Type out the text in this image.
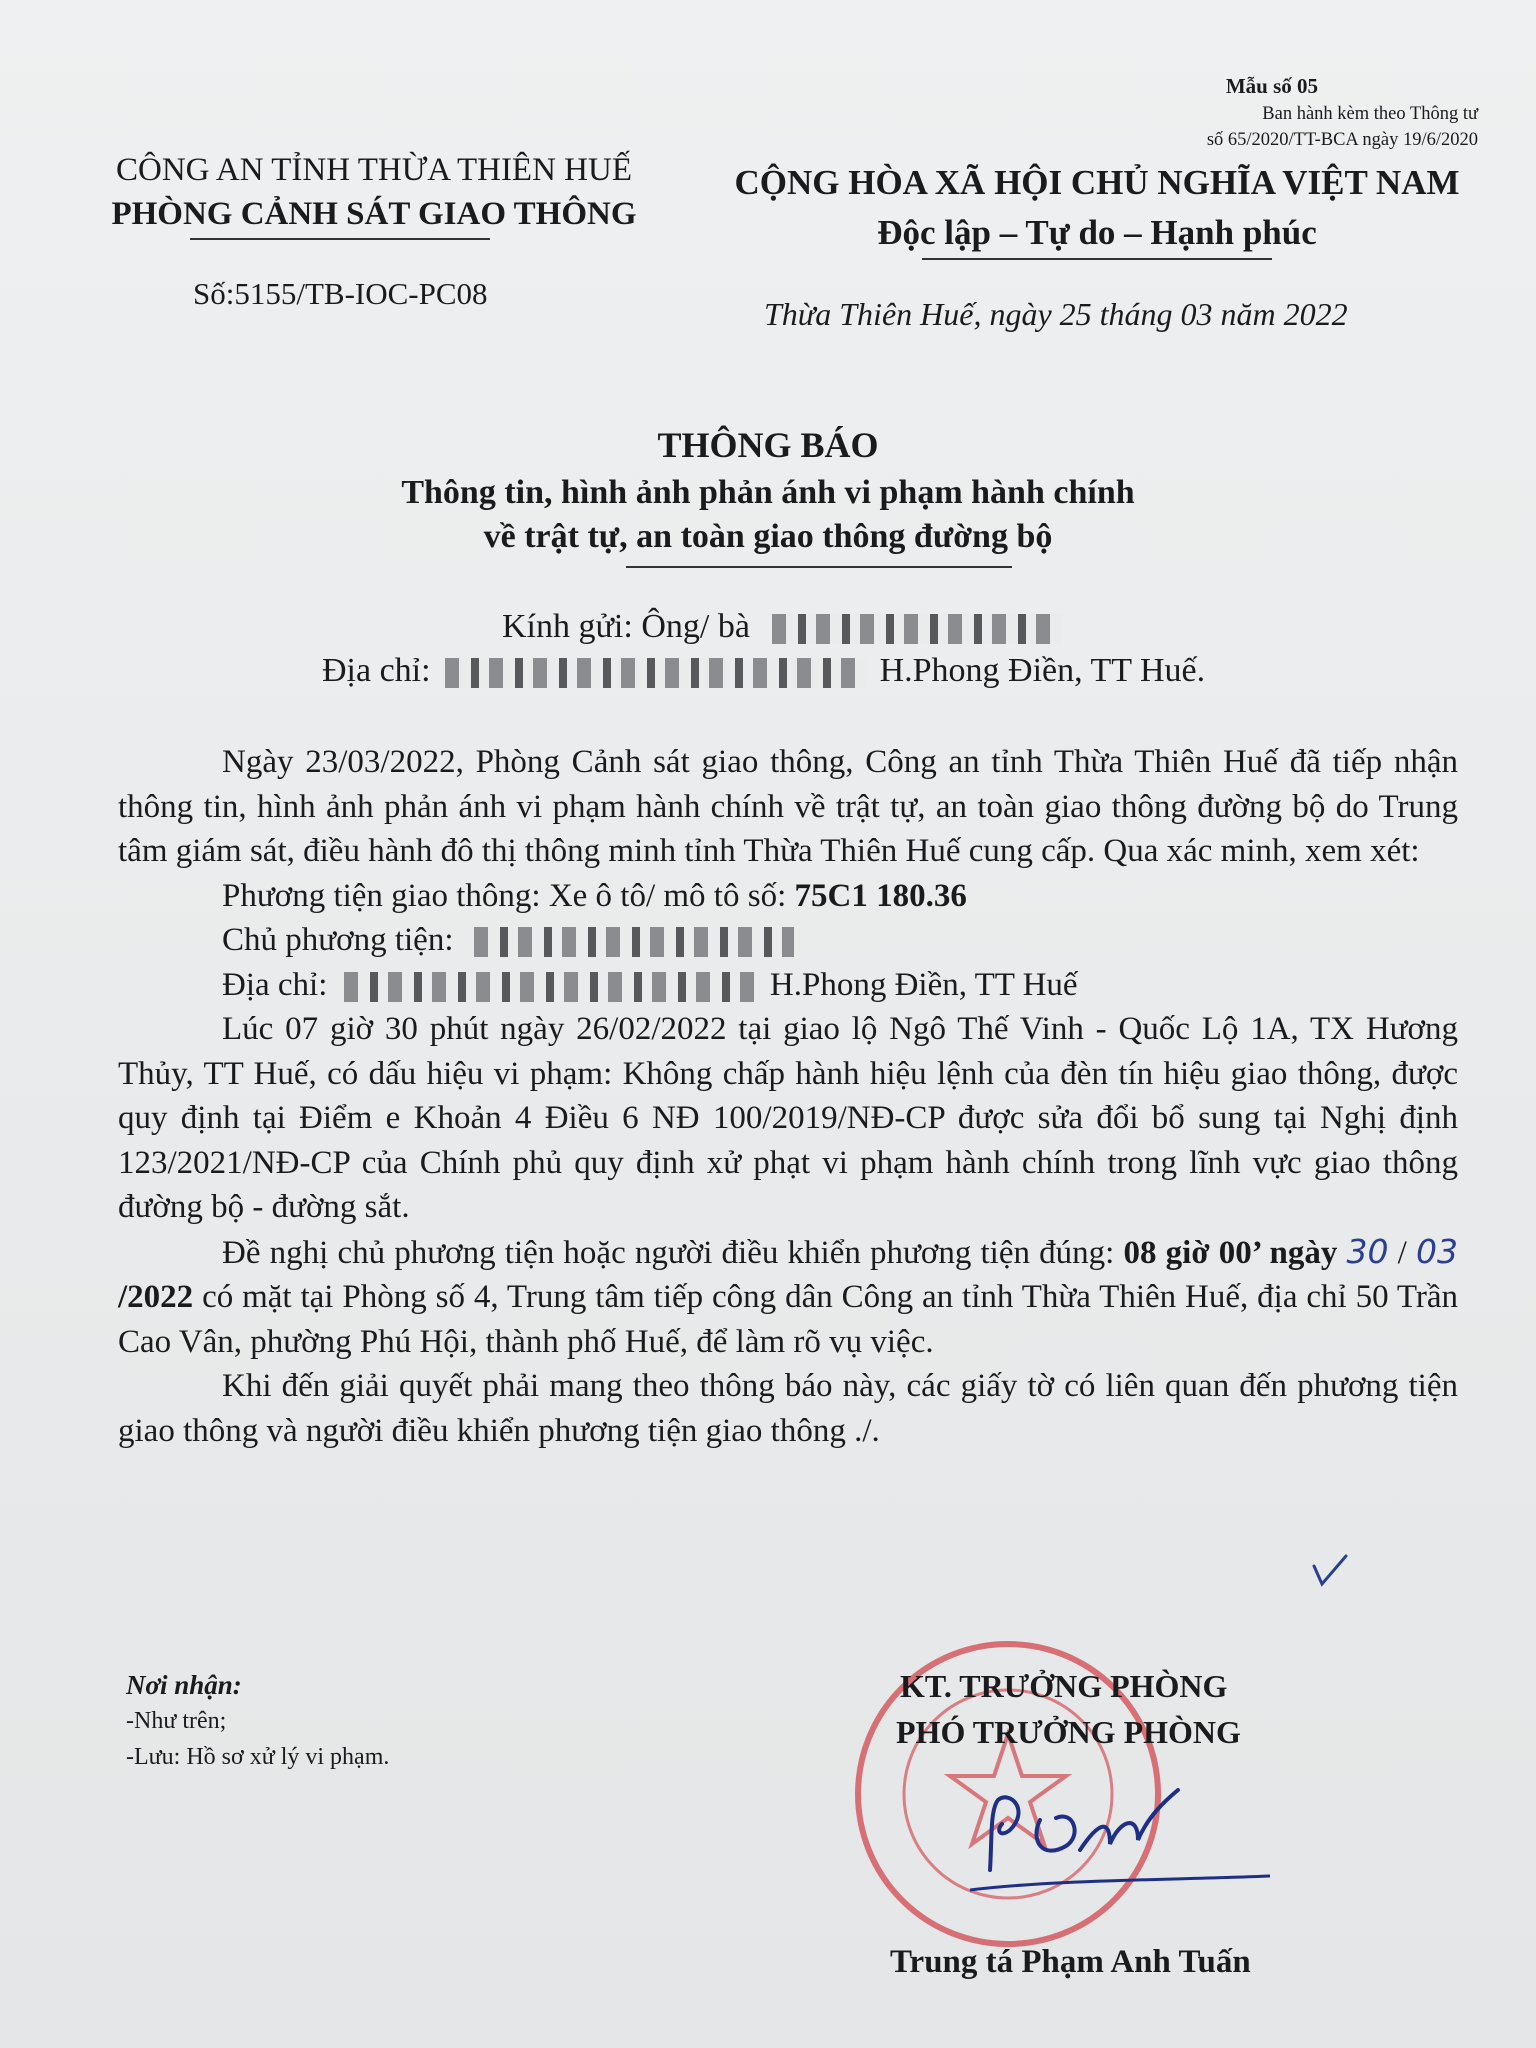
Mẫu số 05
Ban hành kèm theo Thông tư
số 65/2020/TT-BCA ngày 19/6/2020
CÔNG AN TỈNH THỪA THIÊN HUẾ
PHÒNG CẢNH SÁT GIAO THÔNG
CỘNG HÒA XÃ HỘI CHỦ NGHĨA VIỆT NAM
Độc lập – Tự do – Hạnh phúc
Số:5155/TB-IOC-PC08
Thừa Thiên Huế, ngày 25 tháng 03 năm 2022
THÔNG BÁO
Thông tin, hình ảnh phản ánh vi phạm hành chính
về trật tự, an toàn giao thông đường bộ
Kính gửi: Ông/ bà
Địa chỉ:	H.Phong Điền, TT Huế.

Ngày 23/03/2022, Phòng Cảnh sát giao thông, Công an tỉnh Thừa Thiên Huế đã tiếp nhận thông tin, hình ảnh phản ánh vi phạm hành chính về trật tự, an toàn giao thông đường bộ do Trung tâm giám sát, điều hành đô thị thông minh tỉnh Thừa Thiên Huế cung cấp. Qua xác minh, xem xét:

Phương tiện giao thông: Xe ô tô/ mô tô số: 75C1 180.36
Chủ phương tiện:
Địa chỉ:	H.Phong Điền, TT Huế

Lúc 07 giờ 30 phút ngày 26/02/2022 tại giao lộ Ngô Thế Vinh - Quốc Lộ 1A, TX Hương Thủy, TT Huế, có dấu hiệu vi phạm: Không chấp hành hiệu lệnh của đèn tín hiệu giao thông, được quy định tại Điểm e Khoản 4 Điều 6 NĐ 100/2019/NĐ-CP được sửa đổi bổ sung tại Nghị định 123/2021/NĐ-CP của Chính phủ quy định xử phạt vi phạm hành chính trong lĩnh vực giao thông đường bộ - đường sắt.

Đề nghị chủ phương tiện hoặc người điều khiển phương tiện đúng: 08 giờ 00’ ngày 30 / 03 /2022 có mặt tại Phòng số 4, Trung tâm tiếp công dân Công an tỉnh Thừa Thiên Huế, địa chỉ 50 Trần Cao Vân, phường Phú Hội, thành phố Huế, để làm rõ vụ việc.

Khi đến giải quyết phải mang theo thông báo này, các giấy tờ có liên quan đến phương tiện giao thông và người điều khiển phương tiện giao thông ./.

Nơi nhận:
-Như trên;
-Lưu: Hồ sơ xử lý vi phạm.
KT. TRƯỞNG PHÒNG
PHÓ TRƯỞNG PHÒNG
Trung tá Phạm Anh Tuấn
